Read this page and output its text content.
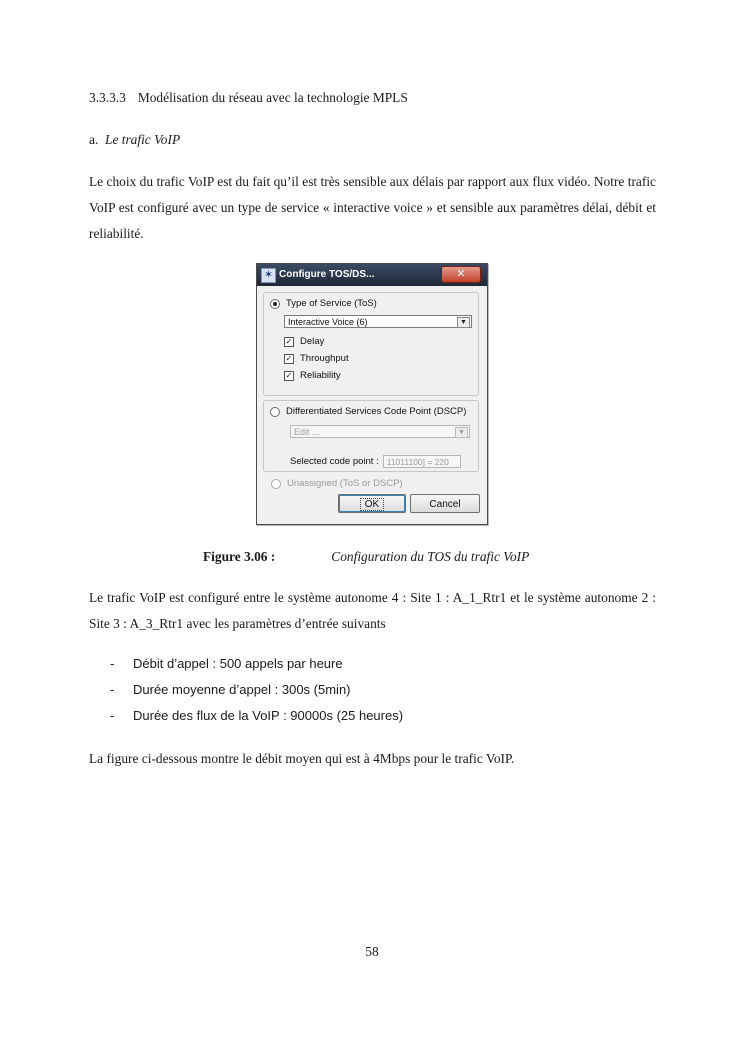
3.3.3.3 Modélisation du réseau avec la technologie MPLS
a. Le trafic VoIP
Le choix du trafic VoIP est du fait qu’il est très sensible aux délais par rapport aux flux vidéo. Notre trafic VoIP est configuré avec un type de service « interactive voice » et sensible aux paramètres délai, débit et reliabilité.
✶ Configure TOS/DS...	✕
Type of Service (ToS)
Interactive Voice (6)	▼
✓ Delay
✓ Throughput
✓ Reliability
Differentiated Services Code Point (DSCP)
Edit ...	▼
Selected code point : 11011100] = 220
Unassigned (ToS or DSCP)
OK	Cancel
Figure 3.06 :	Configuration du TOS du trafic VoIP
Le trafic VoIP est configuré entre le système autonome 4 : Site 1 : A_1_Rtr1 et le système autonome 2 : Site 3 : A_3_Rtr1 avec les paramètres d’entrée suivants
- Débit d’appel : 500 appels par heure
- Durée moyenne d’appel : 300s (5min)
- Durée des flux de la VoIP : 90000s (25 heures)
La figure ci-dessous montre le débit moyen qui est à 4Mbps pour le trafic VoIP.
58
